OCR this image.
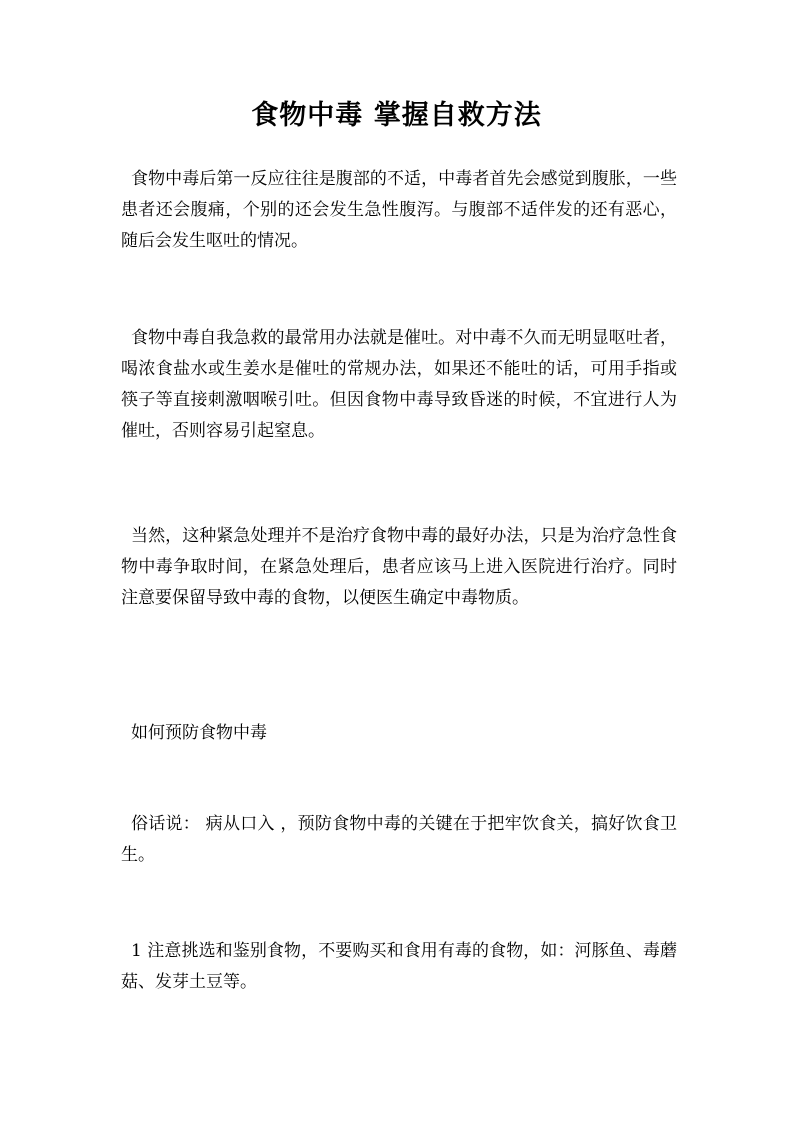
食物中毒 掌握自救方法

食物中毒后第一反应往往是腹部的不适，中毒者首先会感觉到腹胀，一些患者还会腹痛，个别的还会发生急性腹泻。与腹部不适伴发的还有恶心，随后会发生呕吐的情况。

食物中毒自我急救的最常用办法就是催吐。对中毒不久而无明显呕吐者，喝浓食盐水或生姜水是催吐的常规办法，如果还不能吐的话，可用手指或筷子等直接刺激咽喉引吐。但因食物中毒导致昏迷的时候，不宜进行人为催吐，否则容易引起窒息。

当然，这种紧急处理并不是治疗食物中毒的最好办法，只是为治疗急性食物中毒争取时间，在紧急处理后，患者应该马上进入医院进行治疗。同时注意要保留导致中毒的食物，以便医生确定中毒物质。

如何预防食物中毒

俗话说： 病从口入 ，预防食物中毒的关键在于把牢饮食关，搞好饮食卫生。

1 注意挑选和鉴别食物，不要购买和食用有毒的食物，如：河豚鱼、毒蘑菇、发芽土豆等。
